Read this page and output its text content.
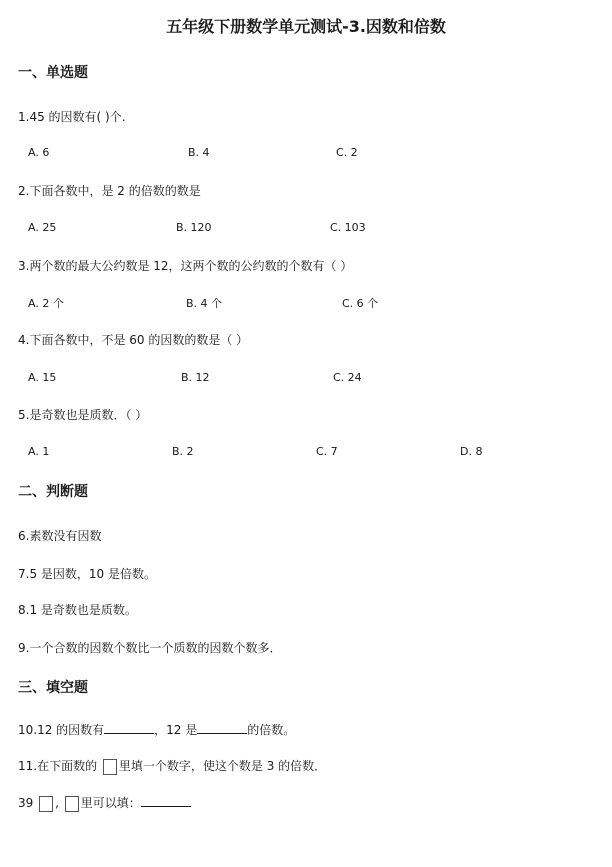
五年级下册数学单元测试-3.因数和倍数
一、单选题
1.45 的因数有( )个.
A. 6	B. 4	C. 2
2.下面各数中，是 2 的倍数的数是
A. 25	B. 120	C. 103
3.两个数的最大公约数是 12，这两个数的公约数的个数有（ ）
A. 2 个	B. 4 个	C. 6 个
4.下面各数中，不是 60 的因数的数是（ ）
A. 15	B. 12	C. 24
5.是奇数也是质数．（ ）
A. 1	B. 2	C. 7	D. 8
二、判断题
6.素数没有因数
7.5 是因数，10 是倍数。
8.1 是奇数也是质数。
9.一个合数的因数个数比一个质数的因数个数多．
三、填空题
10.12 的因数有	，12 是	的倍数。
11.在下面数的 里填一个数字，使这个数是 3 的倍数．
39 , 里可以填：
